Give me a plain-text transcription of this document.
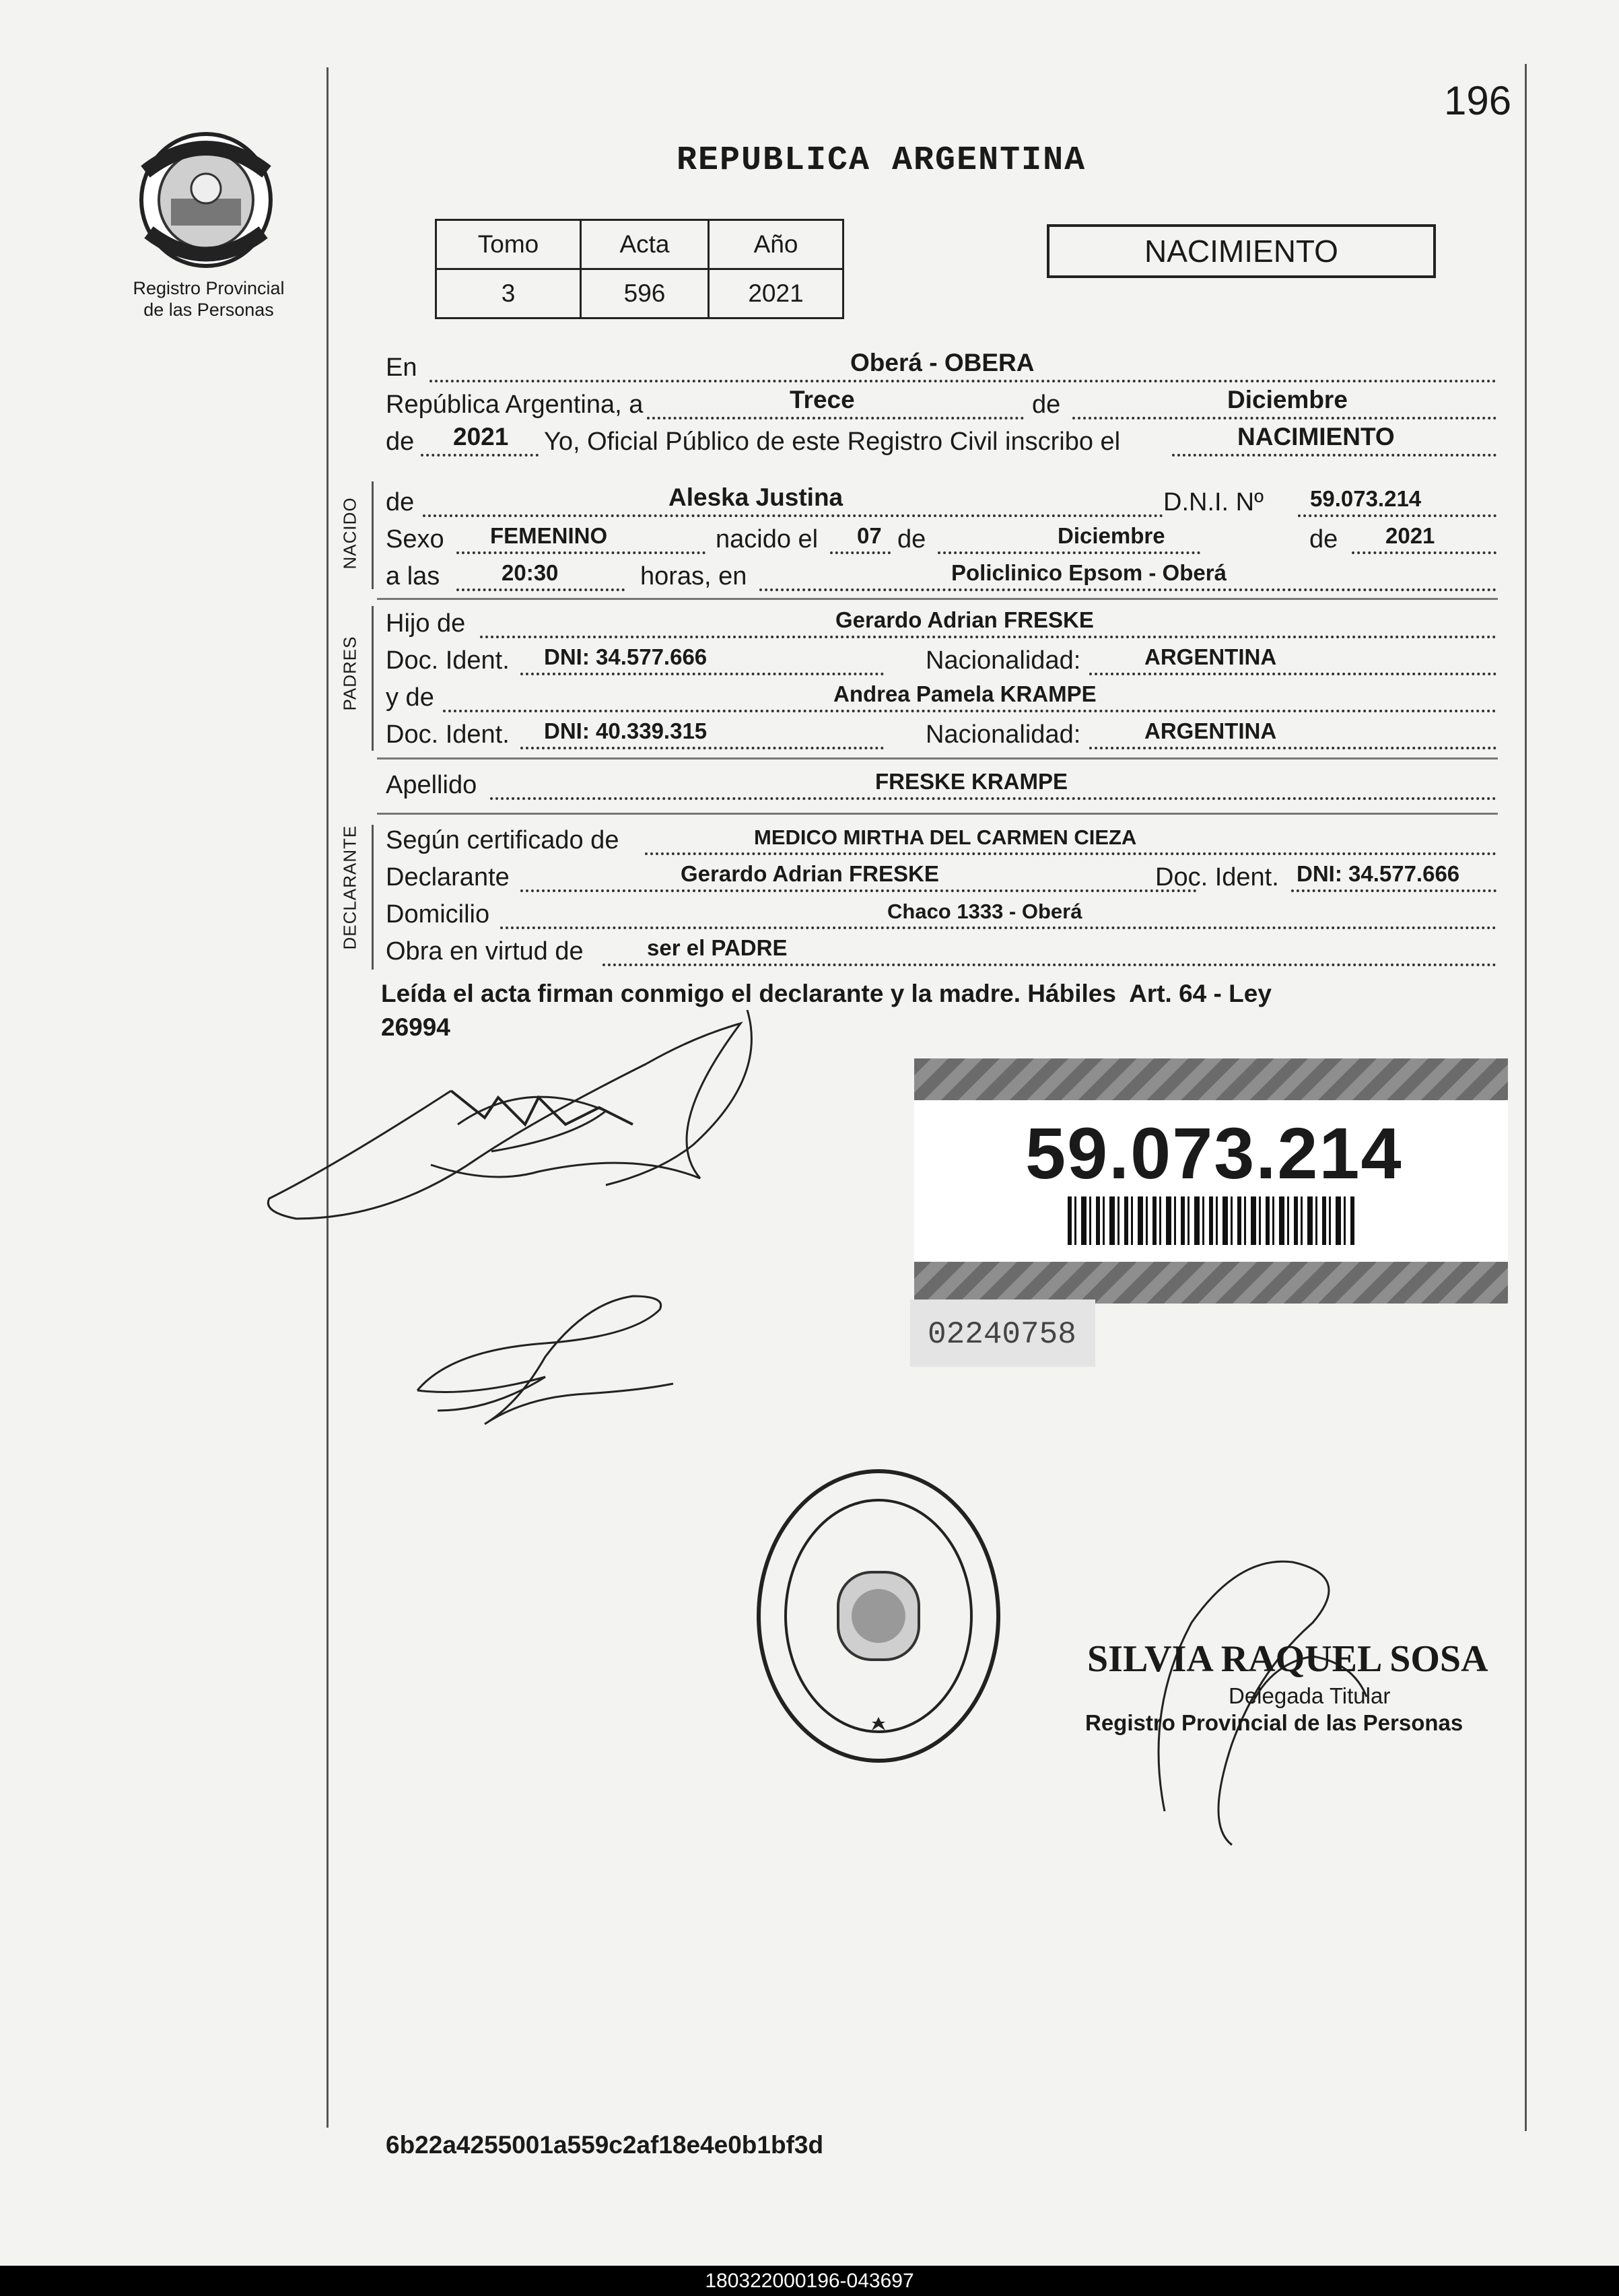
196
Registro Provincial
de las Personas
REPUBLICA ARGENTINA
Tomo	Acta	Año
3	596	2021
NACIMIENTO
En	Oberá - OBERA
República Argentina, a	Trece	de	Diciembre
de 2021 Yo, Oficial Público de este Registro Civil inscribo el	NACIMIENTO
NACIDO de	Aleska Justina	D.N.I. Nº 59.073.214
Sexo FEMENINO	nacido el 07 de	Diciembre	de 2021
a las	20:30	horas, en	Policlinico Epsom - Oberá
PADRES
Hijo de	Gerardo Adrian FRESKE
Doc. Ident. DNI: 34.577.666	Nacionalidad:	ARGENTINA
y de	Andrea Pamela KRAMPE
Doc. Ident. DNI: 40.339.315	Nacionalidad:	ARGENTINA
Apellido	FRESKE KRAMPE
DECLARANTE Según certificado de	MEDICO MIRTHA DEL CARMEN CIEZA
Declarante	Gerardo Adrian FRESKE	Doc. Ident. DNI: 34.577.666
Domicilio	Chaco 1333 - Oberá
Obra en virtud de	ser el PADRE
Leída el acta firman conmigo el declarante y la madre. Hábiles  Art. 64 - Ley
26994
59.073.214
02240758
SILVIA RAQUEL SOSA
Delegada Titular
Registro Provincial de las Personas
6b22a4255001a559c2af18e4e0b1bf3d
180322000196-043697
